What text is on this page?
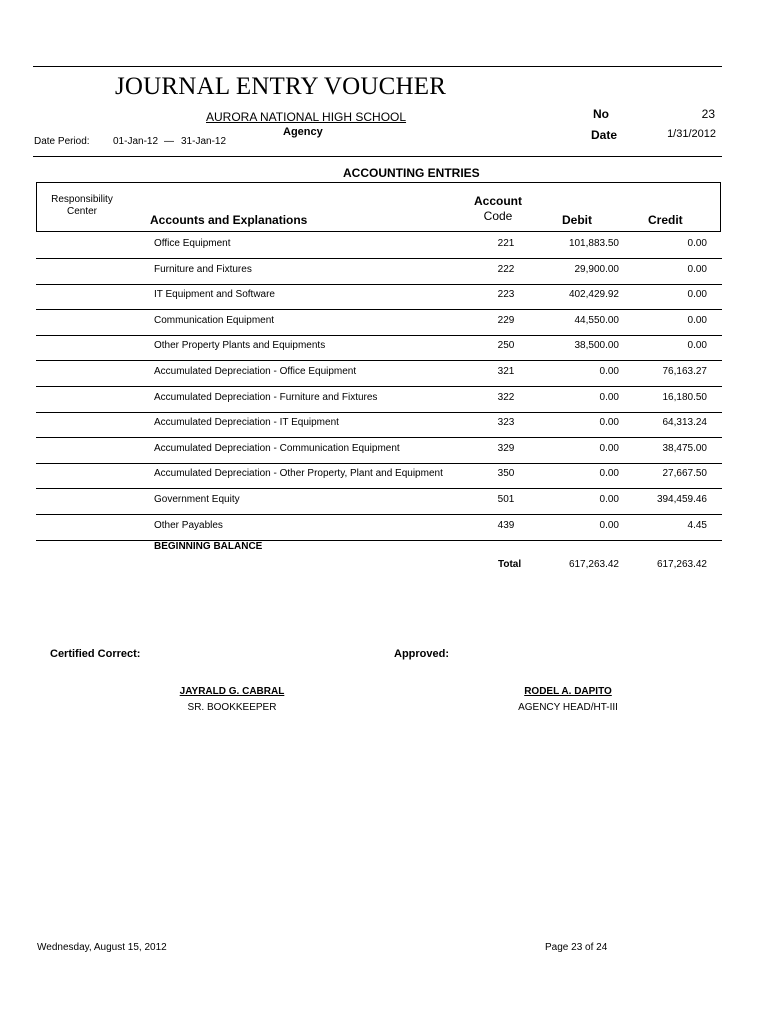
JOURNAL ENTRY VOUCHER
AURORA NATIONAL HIGH SCHOOL
Agency
No	23
Date	1/31/2012
Date Period: 01-Jan-12 — 31-Jan-12
ACCOUNTING ENTRIES
Responsibility
Center
Accounts and Explanations
Account
Code	Debit	Credit
Office Equipment	221	101,883.50	0.00
Furniture and Fixtures	222	29,900.00	0.00
IT Equipment and Software	223	402,429.92	0.00
Communication Equipment	229	44,550.00	0.00
Other Property Plants and Equipments	250	38,500.00	0.00
Accumulated Depreciation - Office Equipment	321	0.00	76,163.27
Accumulated Depreciation - Furniture and Fixtures	322	0.00	16,180.50
Accumulated Depreciation - IT Equipment	323	0.00	64,313.24
Accumulated Depreciation - Communication Equipment	329	0.00	38,475.00
Accumulated Depreciation - Other Property, Plant and Equipment	350	0.00	27,667.50
Government Equity	501	0.00	394,459.46
Other Payables	439	0.00	4.45
BEGINNING BALANCE
Total	617,263.42	617,263.42
Certified Correct:	Approved:
JAYRALD G. CABRAL
SR. BOOKKEEPER
RODEL A. DAPITO
AGENCY HEAD/HT-III
Wednesday, August 15, 2012	Page 23 of 24
